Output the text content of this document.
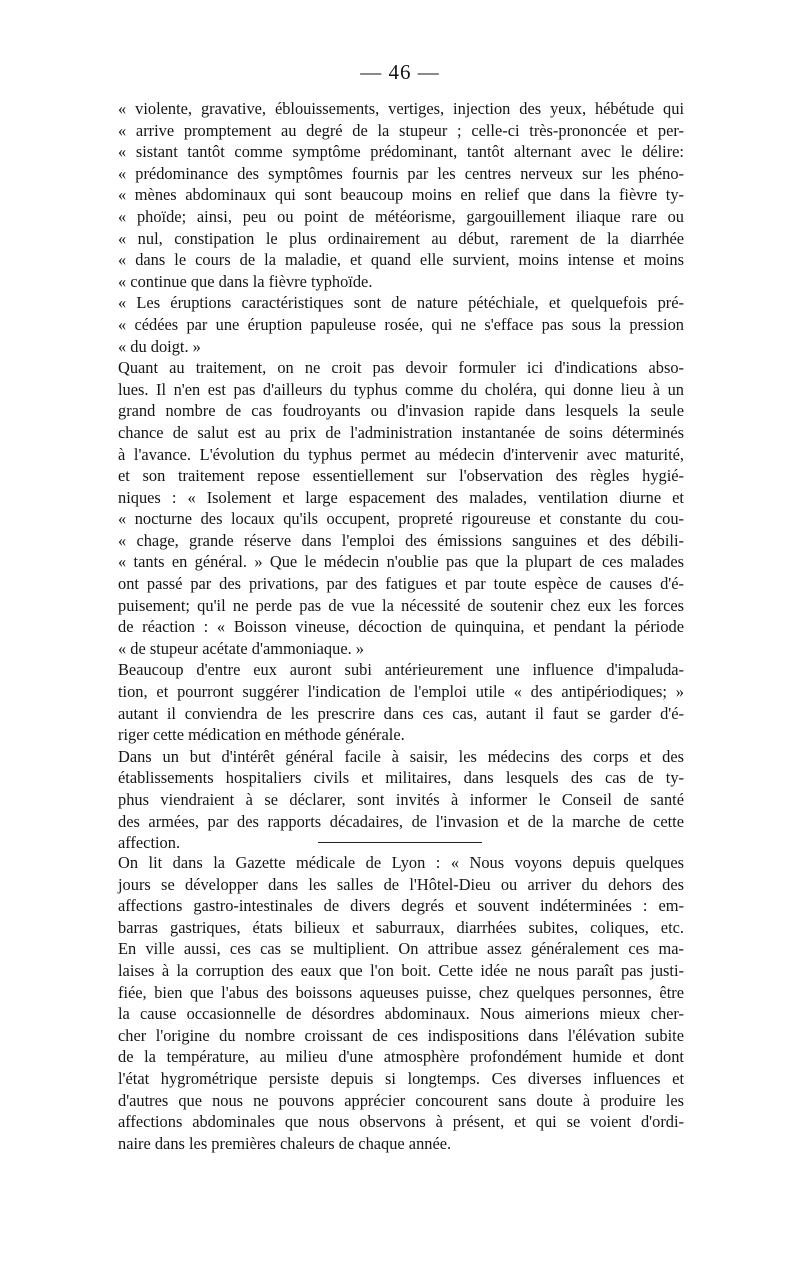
— 46 —
« violente, gravative, éblouissements, vertiges, injection des yeux, hébétude qui
« arrive promptement au degré de la stupeur ; celle-ci très-prononcée et per-
« sistant tantôt comme symptôme prédominant, tantôt alternant avec le délire:
« prédominance des symptômes fournis par les centres nerveux sur les phéno-
« mènes abdominaux qui sont beaucoup moins en relief que dans la fièvre ty-
« phoïde; ainsi, peu ou point de météorisme, gargouillement iliaque rare ou
« nul, constipation le plus ordinairement au début, rarement de la diarrhée
« dans le cours de la maladie, et quand elle survient, moins intense et moins
« continue que dans la fièvre typhoïde.
« Les éruptions caractéristiques sont de nature pétéchiale, et quelquefois pré-
« cédées par une éruption papuleuse rosée, qui ne s'efface pas sous la pression
« du doigt. »
Quant au traitement, on ne croit pas devoir formuler ici d'indications abso-
lues. Il n'en est pas d'ailleurs du typhus comme du choléra, qui donne lieu à un
grand nombre de cas foudroyants ou d'invasion rapide dans lesquels la seule
chance de salut est au prix de l'administration instantanée de soins déterminés
à l'avance. L'évolution du typhus permet au médecin d'intervenir avec maturité,
et son traitement repose essentiellement sur l'observation des règles hygié-
niques : « Isolement et large espacement des malades, ventilation diurne et
« nocturne des locaux qu'ils occupent, propreté rigoureuse et constante du cou-
« chage, grande réserve dans l'emploi des émissions sanguines et des débili-
« tants en général. » Que le médecin n'oublie pas que la plupart de ces malades
ont passé par des privations, par des fatigues et par toute espèce de causes d'é-
puisement; qu'il ne perde pas de vue la nécessité de soutenir chez eux les forces
de réaction : « Boisson vineuse, décoction de quinquina, et pendant la période
« de stupeur acétate d'ammoniaque. »
Beaucoup d'entre eux auront subi antérieurement une influence d'impaluda-
tion, et pourront suggérer l'indication de l'emploi utile « des antipériodiques; »
autant il conviendra de les prescrire dans ces cas, autant il faut se garder d'é-
riger cette médication en méthode générale.
Dans un but d'intérêt général facile à saisir, les médecins des corps et des
établissements hospitaliers civils et militaires, dans lesquels des cas de ty-
phus viendraient à se déclarer, sont invités à informer le Conseil de santé
des armées, par des rapports décadaires, de l'invasion et de la marche de cette
affection.
On lit dans la Gazette médicale de Lyon : « Nous voyons depuis quelques
jours se développer dans les salles de l'Hôtel-Dieu ou arriver du dehors des
affections gastro-intestinales de divers degrés et souvent indéterminées : em-
barras gastriques, états bilieux et saburraux, diarrhées subites, coliques, etc.
En ville aussi, ces cas se multiplient. On attribue assez généralement ces ma-
laises à la corruption des eaux que l'on boit. Cette idée ne nous paraît pas justi-
fiée, bien que l'abus des boissons aqueuses puisse, chez quelques personnes, être
la cause occasionnelle de désordres abdominaux. Nous aimerions mieux cher-
cher l'origine du nombre croissant de ces indispositions dans l'élévation subite
de la température, au milieu d'une atmosphère profondément humide et dont
l'état hygrométrique persiste depuis si longtemps. Ces diverses influences et
d'autres que nous ne pouvons apprécier concourent sans doute à produire les
affections abdominales que nous observons à présent, et qui se voient d'ordi-
naire dans les premières chaleurs de chaque année.
